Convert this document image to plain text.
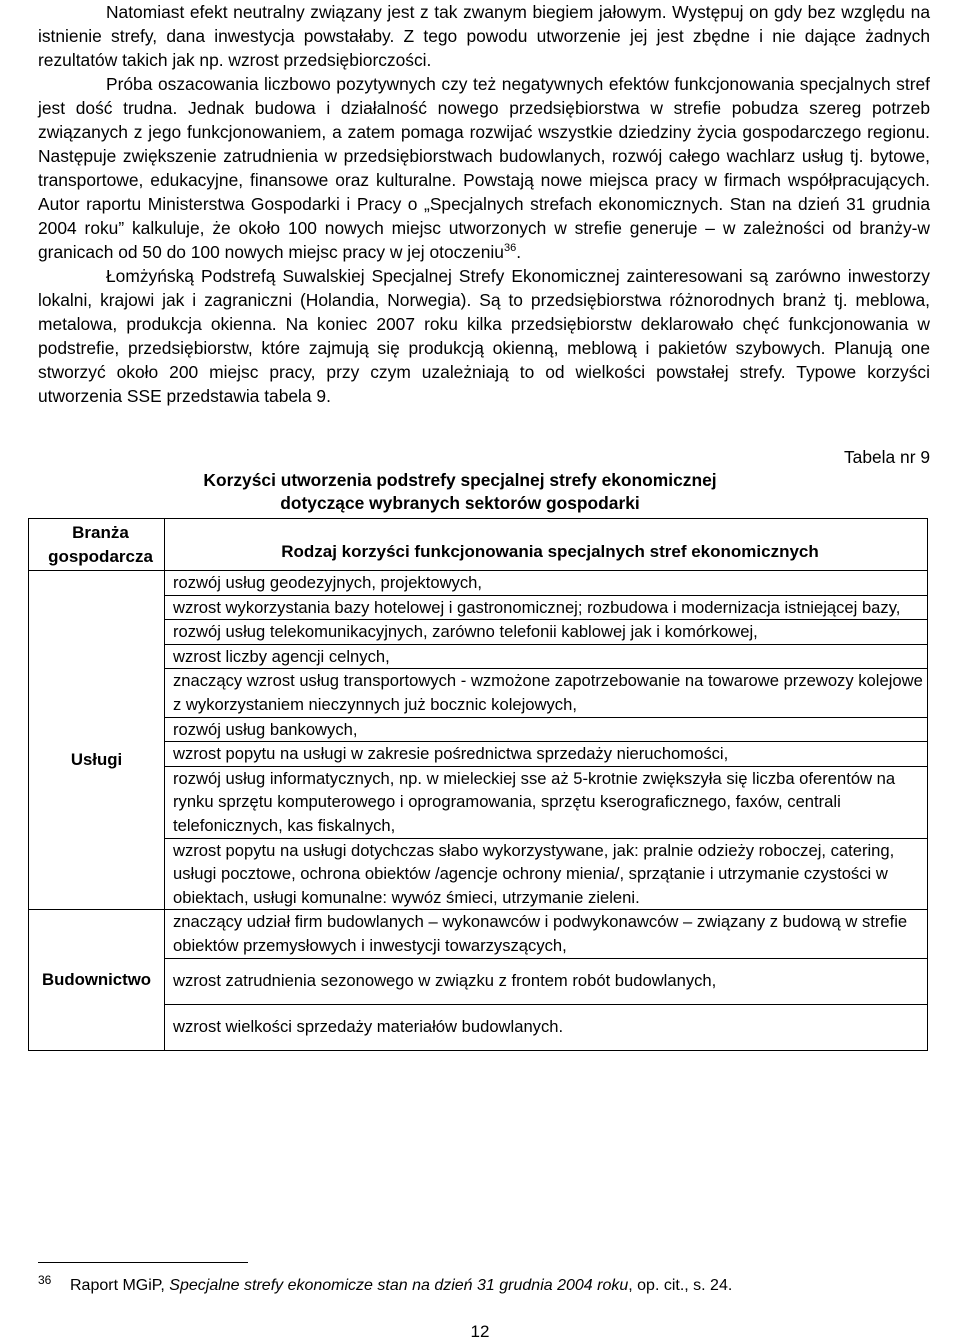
Natomiast efekt neutralny związany jest z tak zwanym biegiem jałowym. Występuj on gdy bez względu na istnienie strefy, dana inwestycja powstałaby. Z tego powodu utworzenie jej jest zbędne i nie dające żadnych rezultatów takich jak np. wzrost przedsiębiorczości.

Próba oszacowania liczbowo pozytywnych czy też negatywnych efektów funkcjonowania specjalnych stref jest dość trudna. Jednak budowa i działalność nowego przedsiębiorstwa w strefie pobudza szereg potrzeb związanych z jego funkcjonowaniem, a zatem pomaga rozwijać wszystkie dziedziny życia gospodarczego regionu. Następuje zwiększenie zatrudnienia w przedsiębiorstwach budowlanych, rozwój całego wachlarz usług tj. bytowe, transportowe, edukacyjne, finansowe oraz kulturalne. Powstają nowe miejsca pracy w firmach współpracujących. Autor raportu Ministerstwa Gospodarki i Pracy o „Specjalnych strefach ekonomicznych. Stan na dzień 31 grudnia 2004 roku” kalkuluje, że około 100 nowych miejsc utworzonych w strefie generuje – w zależności od branży-w granicach od 50 do 100 nowych miejsc pracy w jej otoczeniu$^{36}$.

Łomżyńską Podstrefą Suwalskiej Specjalnej Strefy Ekonomicznej zainteresowani są zarówno inwestorzy lokalni, krajowi jak i zagraniczni (Holandia, Norwegia). Są to przedsiębiorstwa różnorodnych branż tj. meblowa, metalowa, produkcja okienna. Na koniec 2007 roku kilka przedsiębiorstw deklarowało chęć funkcjonowania w podstrefie, przedsiębiorstw, które zajmują się produkcją okienną, meblową i pakietów szybowych. Planują one stworzyć około 200 miejsc pracy, przy czym uzależniają to od wielkości powstałej strefy. Typowe korzyści utworzenia SSE przedstawia tabela 9.

Tabela nr 9
Korzyści utworzenia podstrefy specjalnej strefy ekonomicznej
dotyczące wybranych sektorów gospodarki
Branża gospodarcza	Rodzaj korzyści funkcjonowania specjalnych stref ekonomicznych
Usługi	rozwój usług geodezyjnych, projektowych,
	wzrost wykorzystania bazy hotelowej i gastronomicznej; rozbudowa i modernizacja istniejącej bazy,
	rozwój usług telekomunikacyjnych, zarówno telefonii kablowej jak i komórkowej,
	wzrost liczby agencji celnych,
	znaczący wzrost usług transportowych - wzmożone zapotrzebowanie na towarowe przewozy kolejowe z wykorzystaniem nieczynnych już bocznic kolejowych,
	rozwój usług bankowych,
	wzrost popytu na usługi w zakresie pośrednictwa sprzedaży nieruchomości,
	rozwój usług informatycznych, np. w mieleckiej sse aż 5-krotnie zwiększyła się liczba oferentów na rynku sprzętu komputerowego i oprogramowania, sprzętu kserograficznego, faxów, centrali telefonicznych, kas fiskalnych,
	wzrost popytu na usługi dotychczas słabo wykorzystywane, jak: pralnie odzieży roboczej, catering, usługi pocztowe, ochrona obiektów /agencje ochrony mienia/, sprzątanie i utrzymanie czystości w obiektach, usługi komunalne: wywóz śmieci, utrzymanie zieleni.
Budownictwo	znaczący udział firm budowlanych – wykonawców i podwykonawców – związany z budową w strefie obiektów przemysłowych i inwestycji towarzyszących,
	wzrost zatrudnienia sezonowego w związku z frontem robót budowlanych,
	wzrost wielkości sprzedaży materiałów budowlanych.
36 Raport MGiP, Specjalne strefy ekonomicze stan na dzień 31 grudnia 2004 roku, op. cit., s. 24.
12
